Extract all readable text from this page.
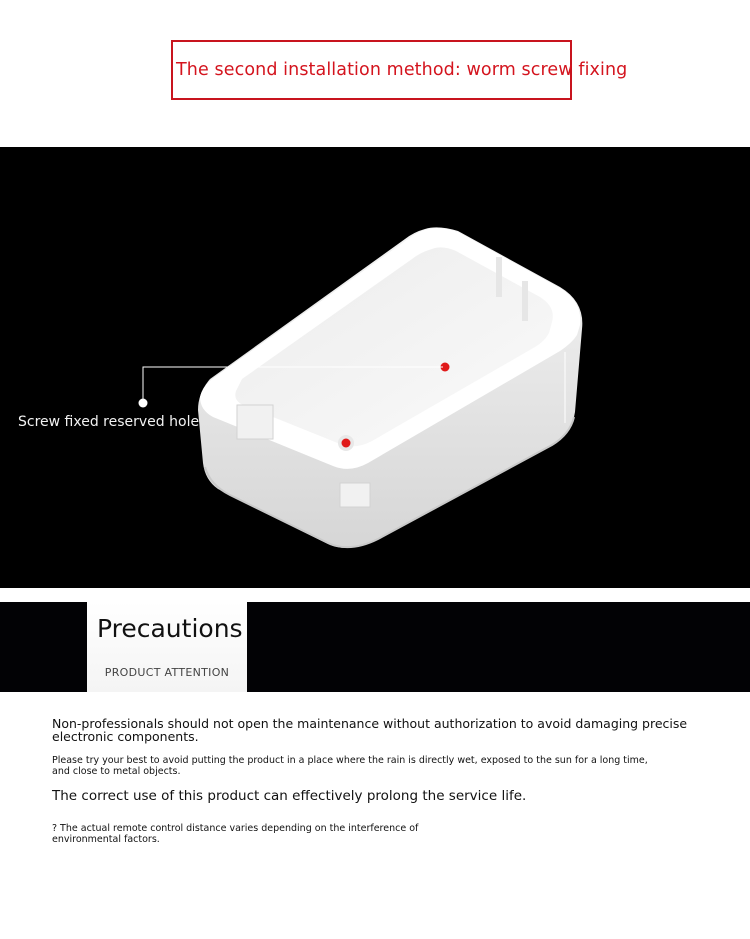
The second installation method: worm screw fixing
Screw fixed reserved hole
Precautions
PRODUCT ATTENTION

Non-professionals should not open the maintenance without authorization to avoid damaging precise electronic components.

Please try your best to avoid putting the product in a place where the rain is directly wet, exposed to the sun for a long time, and close to metal objects.

The correct use of this product can effectively prolong the service life.

? The actual remote control distance varies depending on the interference of environmental factors.
